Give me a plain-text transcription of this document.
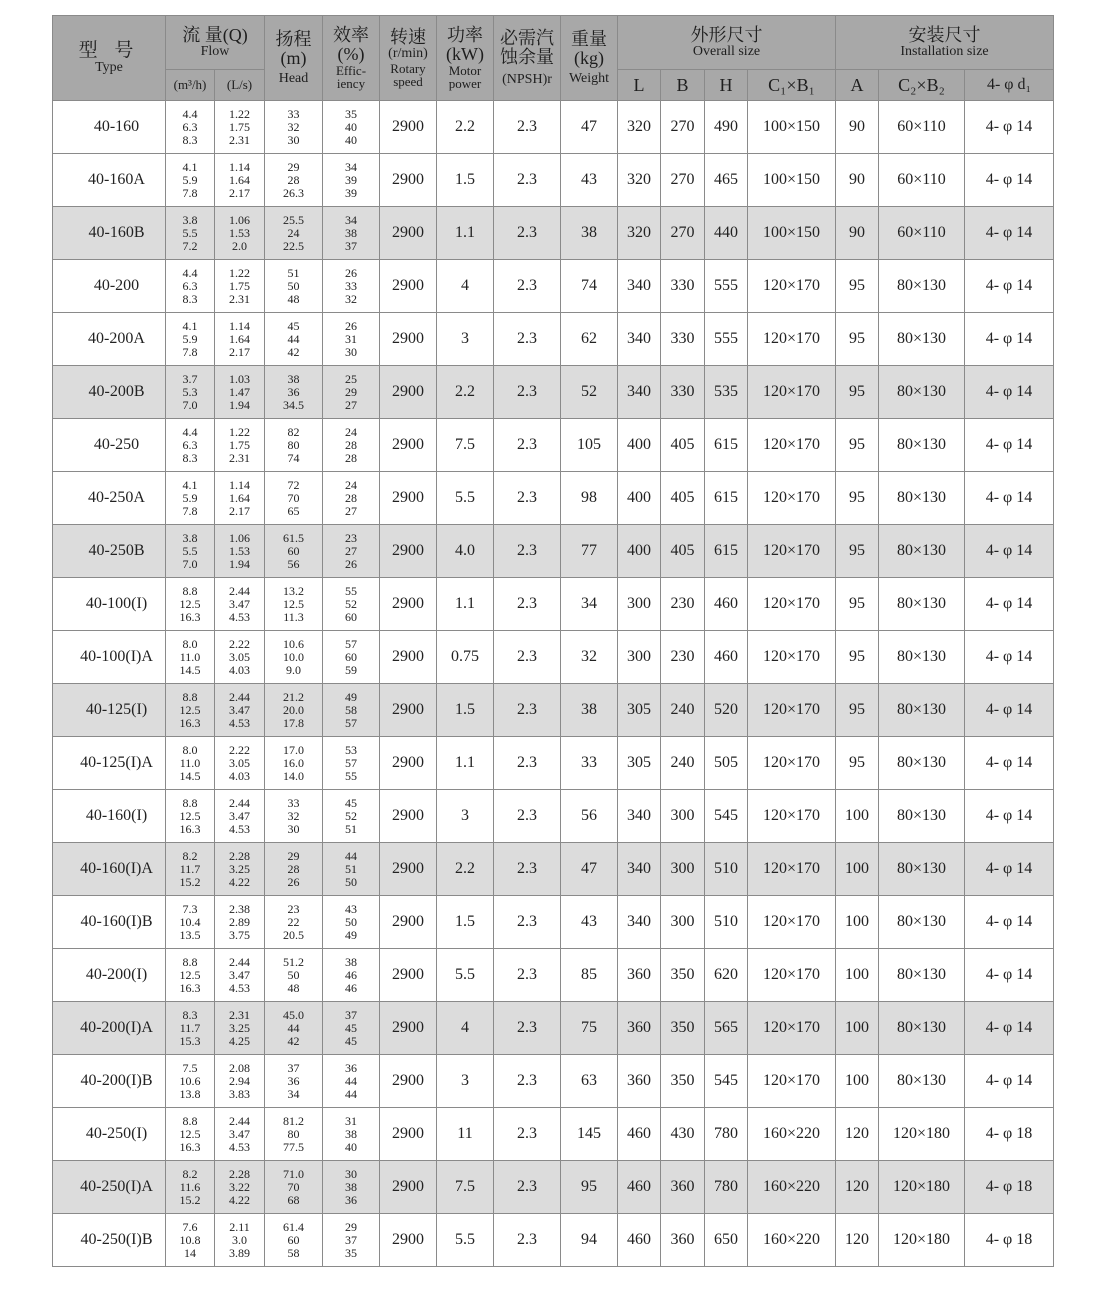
型 号
Type	流 量(Q)
Flow		扬程
(m)
Head	效率
(%)
Effic-
iency	转速
(r/min)
Rotary
speed	功率
(kW)
Motor
power	必需汽
蚀余量
(NPSH)r	重量
(kg)
Weight	外形尺寸
Overall size				安装尺寸
Installation size		

	(m³/h)	(L/s)							L	B	H	C₁×B₁	A	C₂×B₂	4- φ d₁
40-160	4.4
6.3
8.3	1.22
1.75
2.31	33
32
30	35
40
40	2900	2.2	2.3	47	320	270	490	100×150	90	60×110	4- φ 14
40-160A	4.1
5.9
7.8	1.14
1.64
2.17	29
28
26.3	34
39
39	2900	1.5	2.3	43	320	270	465	100×150	90	60×110	4- φ 14
40-160B	3.8
5.5
7.2	1.06
1.53
2.0	25.5
24
22.5	34
38
37	2900	1.1	2.3	38	320	270	440	100×150	90	60×110	4- φ 14
40-200	4.4
6.3
8.3	1.22
1.75
2.31	51
50
48	26
33
32	2900	4	2.3	74	340	330	555	120×170	95	80×130	4- φ 14
40-200A	4.1
5.9
7.8	1.14
1.64
2.17	45
44
42	26
31
30	2900	3	2.3	62	340	330	555	120×170	95	80×130	4- φ 14
40-200B	3.7
5.3
7.0	1.03
1.47
1.94	38
36
34.5	25
29
27	2900	2.2	2.3	52	340	330	535	120×170	95	80×130	4- φ 14
40-250	4.4
6.3
8.3	1.22
1.75
2.31	82
80
74	24
28
28	2900	7.5	2.3	105	400	405	615	120×170	95	80×130	4- φ 14
40-250A	4.1
5.9
7.8	1.14
1.64
2.17	72
70
65	24
28
27	2900	5.5	2.3	98	400	405	615	120×170	95	80×130	4- φ 14
40-250B	3.8
5.5
7.0	1.06
1.53
1.94	61.5
60
56	23
27
26	2900	4.0	2.3	77	400	405	615	120×170	95	80×130	4- φ 14
40-100(I)	8.8
12.5
16.3	2.44
3.47
4.53	13.2
12.5
11.3	55
52
60	2900	1.1	2.3	34	300	230	460	120×170	95	80×130	4- φ 14
40-100(I)A	8.0
11.0
14.5	2.22
3.05
4.03	10.6
10.0
9.0	57
60
59	2900	0.75	2.3	32	300	230	460	120×170	95	80×130	4- φ 14
40-125(I)	8.8
12.5
16.3	2.44
3.47
4.53	21.2
20.0
17.8	49
58
57	2900	1.5	2.3	38	305	240	520	120×170	95	80×130	4- φ 14
40-125(I)A	8.0
11.0
14.5	2.22
3.05
4.03	17.0
16.0
14.0	53
57
55	2900	1.1	2.3	33	305	240	505	120×170	95	80×130	4- φ 14
40-160(I)	8.8
12.5
16.3	2.44
3.47
4.53	33
32
30	45
52
51	2900	3	2.3	56	340	300	545	120×170	100	80×130	4- φ 14
40-160(I)A	8.2
11.7
15.2	2.28
3.25
4.22	29
28
26	44
51
50	2900	2.2	2.3	47	340	300	510	120×170	100	80×130	4- φ 14
40-160(I)B	7.3
10.4
13.5	2.38
2.89
3.75	23
22
20.5	43
50
49	2900	1.5	2.3	43	340	300	510	120×170	100	80×130	4- φ 14
40-200(I)	8.8
12.5
16.3	2.44
3.47
4.53	51.2
50
48	38
46
46	2900	5.5	2.3	85	360	350	620	120×170	100	80×130	4- φ 14
40-200(I)A	8.3
11.7
15.3	2.31
3.25
4.25	45.0
44
42	37
45
45	2900	4	2.3	75	360	350	565	120×170	100	80×130	4- φ 14
40-200(I)B	7.5
10.6
13.8	2.08
2.94
3.83	37
36
34	36
44
44	2900	3	2.3	63	360	350	545	120×170	100	80×130	4- φ 14
40-250(I)	8.8
12.5
16.3	2.44
3.47
4.53	81.2
80
77.5	31
38
40	2900	11	2.3	145	460	430	780	160×220	120	120×180	4- φ 18
40-250(I)A	8.2
11.6
15.2	2.28
3.22
4.22	71.0
70
68	30
38
36	2900	7.5	2.3	95	460	360	780	160×220	120	120×180	4- φ 18
40-250(I)B	7.6
10.8
14	2.11
3.0
3.89	61.4
60
58	29
37
35	2900	5.5	2.3	94	460	360	650	160×220	120	120×180	4- φ 18
